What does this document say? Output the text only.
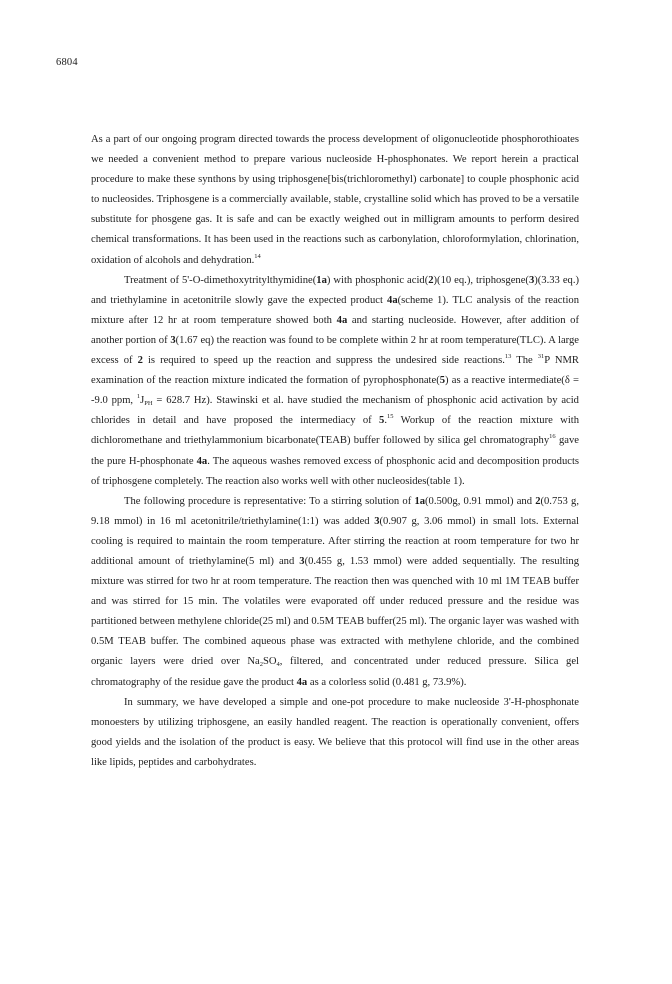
6804

As a part of our ongoing program directed towards the process development of oligonucleotide phosphorothioates we needed a convenient method to prepare various nucleoside H-phosphonates. We report herein a practical procedure to make these synthons by using triphosgene[bis(trichloromethyl) carbonate] to couple phosphonic acid to nucleosides. Triphosgene is a commercially available, stable, crystalline solid which has proved to be a versatile substitute for phosgene gas. It is safe and can be exactly weighed out in milligram amounts to perform desired chemical transformations. It has been used in the reactions such as carbonylation, chloroformylation, chlorination, oxidation of alcohols and dehydration.$^{14}$

Treatment of 5'-O-dimethoxytritylthymidine(1a) with phosphonic acid(2)(10 eq.), triphosgene(3)(3.33 eq.) and triethylamine in acetonitrile slowly gave the expected product 4a(scheme 1). TLC analysis of the reaction mixture after 12 hr at room temperature showed both 4a and starting nucleoside. However, after addition of another portion of 3(1.67 eq) the reaction was found to be complete within 2 hr at room temperature(TLC). A large excess of 2 is required to speed up the reaction and suppress the undesired side reactions.$^{13}$ The $^{31}$P NMR examination of the reaction mixture indicated the formation of pyrophosphonate(5) as a reactive intermediate(δ = -9.0 ppm, $^1J_{PH} = 628.7$ Hz). Stawinski et al. have studied the mechanism of phosphonic acid activation by acid chlorides in detail and have proposed the intermediacy of 5.15 Workup of the reaction mixture with dichloromethane and triethylammonium bicarbonate(TEAB) buffer followed by silica gel chromatography$^{16}$ gave the pure H-phosphonate 4a. The aqueous washes removed excess of phosphonic acid and decomposition products of triphosgene completely. The reaction also works well with other nucleosides(table 1).

The following procedure is representative: To a stirring solution of 1a(0.500g, 0.91 mmol) and 2(0.753 g, 9.18 mmol) in 16 ml acetonitrile/triethylamine(1:1) was added 3(0.907 g, 3.06 mmol) in small lots. External cooling is required to maintain the room temperature. After stirring the reaction at room temperature for two hr additional amount of triethylamine(5 ml) and 3(0.455 g, 1.53 mmol) were added sequentially. The resulting mixture was stirred for two hr at room temperature. The reaction then was quenched with 10 ml 1M TEAB buffer and was stirred for 15 min. The volatiles were evaporated off under reduced pressure and the residue was partitioned between methylene chloride(25 ml) and 0.5M TEAB buffer(25 ml). The organic layer was washed with 0.5M TEAB buffer. The combined aqueous phase was extracted with methylene chloride, and the combined organic layers were dried over $Na_2SO_4$, filtered, and concentrated under reduced pressure. Silica gel chromatography of the residue gave the product 4a as a colorless solid (0.481 g, 73.9%).

In summary, we have developed a simple and one-pot procedure to make nucleoside 3'-H-phosphonate monoesters by utilizing triphosgene, an easily handled reagent. The reaction is operationally convenient, offers good yields and the isolation of the product is easy. We believe that this protocol will find use in the other areas like lipids, peptides and carbohydrates.
